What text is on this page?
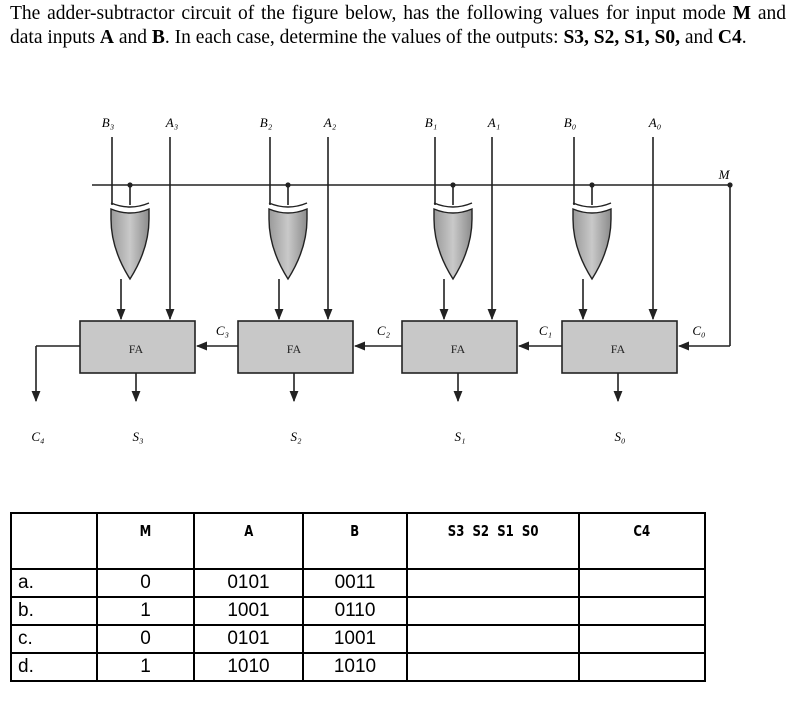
The adder-subtractor circuit of the figure below, has the following values for input mode M and data inputs A and B. In each case, determine the values of the outputs: S3, S2, S1, S0, and C4.
M
B₃	A₃
FA
S₃
B₂	A₂
FA
S₂
B₁	A₁
FA
S₁
B₀	A₀
FA
S₀
C₃	C₂	C₁	C₀
C₄
	M	A	B	S3  S2  S1  S0	C4
a.	0	0101	0011		
b.	1	1001	0110		
c.	0	0101	1001		
d.	1	1010	1010		
